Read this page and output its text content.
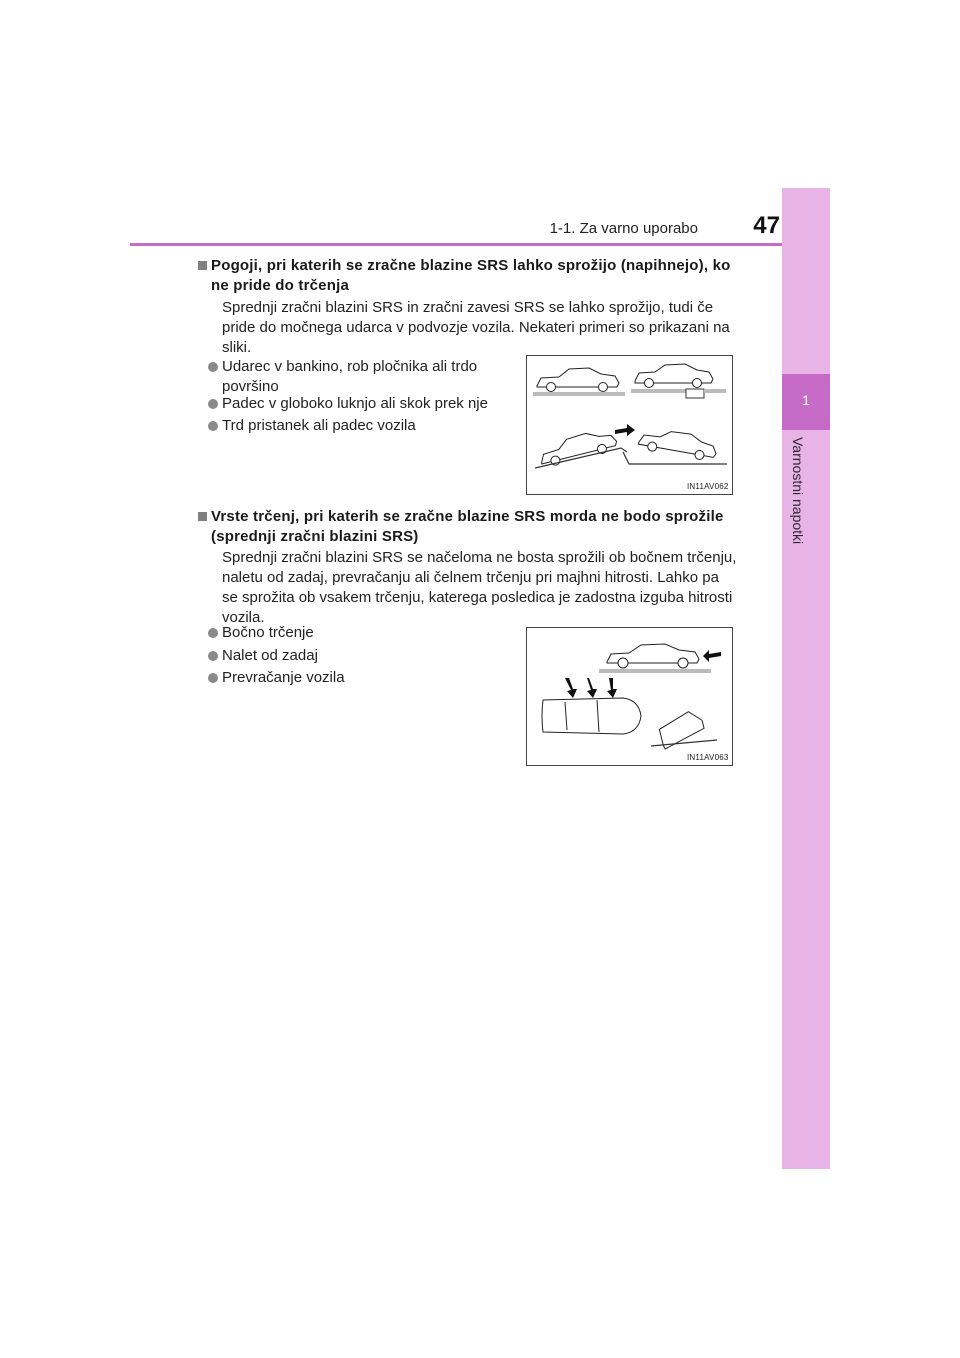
1-1. Za varno uporabo	47
1
Varnostni napotki
Pogoji, pri katerih se zračne blazine SRS lahko sprožijo (napihnejo), ko
ne pride do trčenja
Sprednji zračni blazini SRS in zračni zavesi SRS se lahko sprožijo, tudi če
pride do močnega udarca v podvozje vozila. Nekateri primeri so prikazani na
sliki.
Udarec v bankino, rob pločnika ali trdo
površino
Padec v globoko luknjo ali skok prek nje
Trd pristanek ali padec vozila
IN11AV062
Vrste trčenj, pri katerih se zračne blazine SRS morda ne bodo sprožile
(sprednji zračni blazini SRS)
Sprednji zračni blazini SRS se načeloma ne bosta sprožili ob bočnem trčenju,
naletu od zadaj, prevračanju ali čelnem trčenju pri majhni hitrosti. Lahko pa
se sprožita ob vsakem trčenju, katerega posledica je zadostna izguba hitrosti
vozila.
Bočno trčenje
Nalet od zadaj
Prevračanje vozila
IN11AV063
